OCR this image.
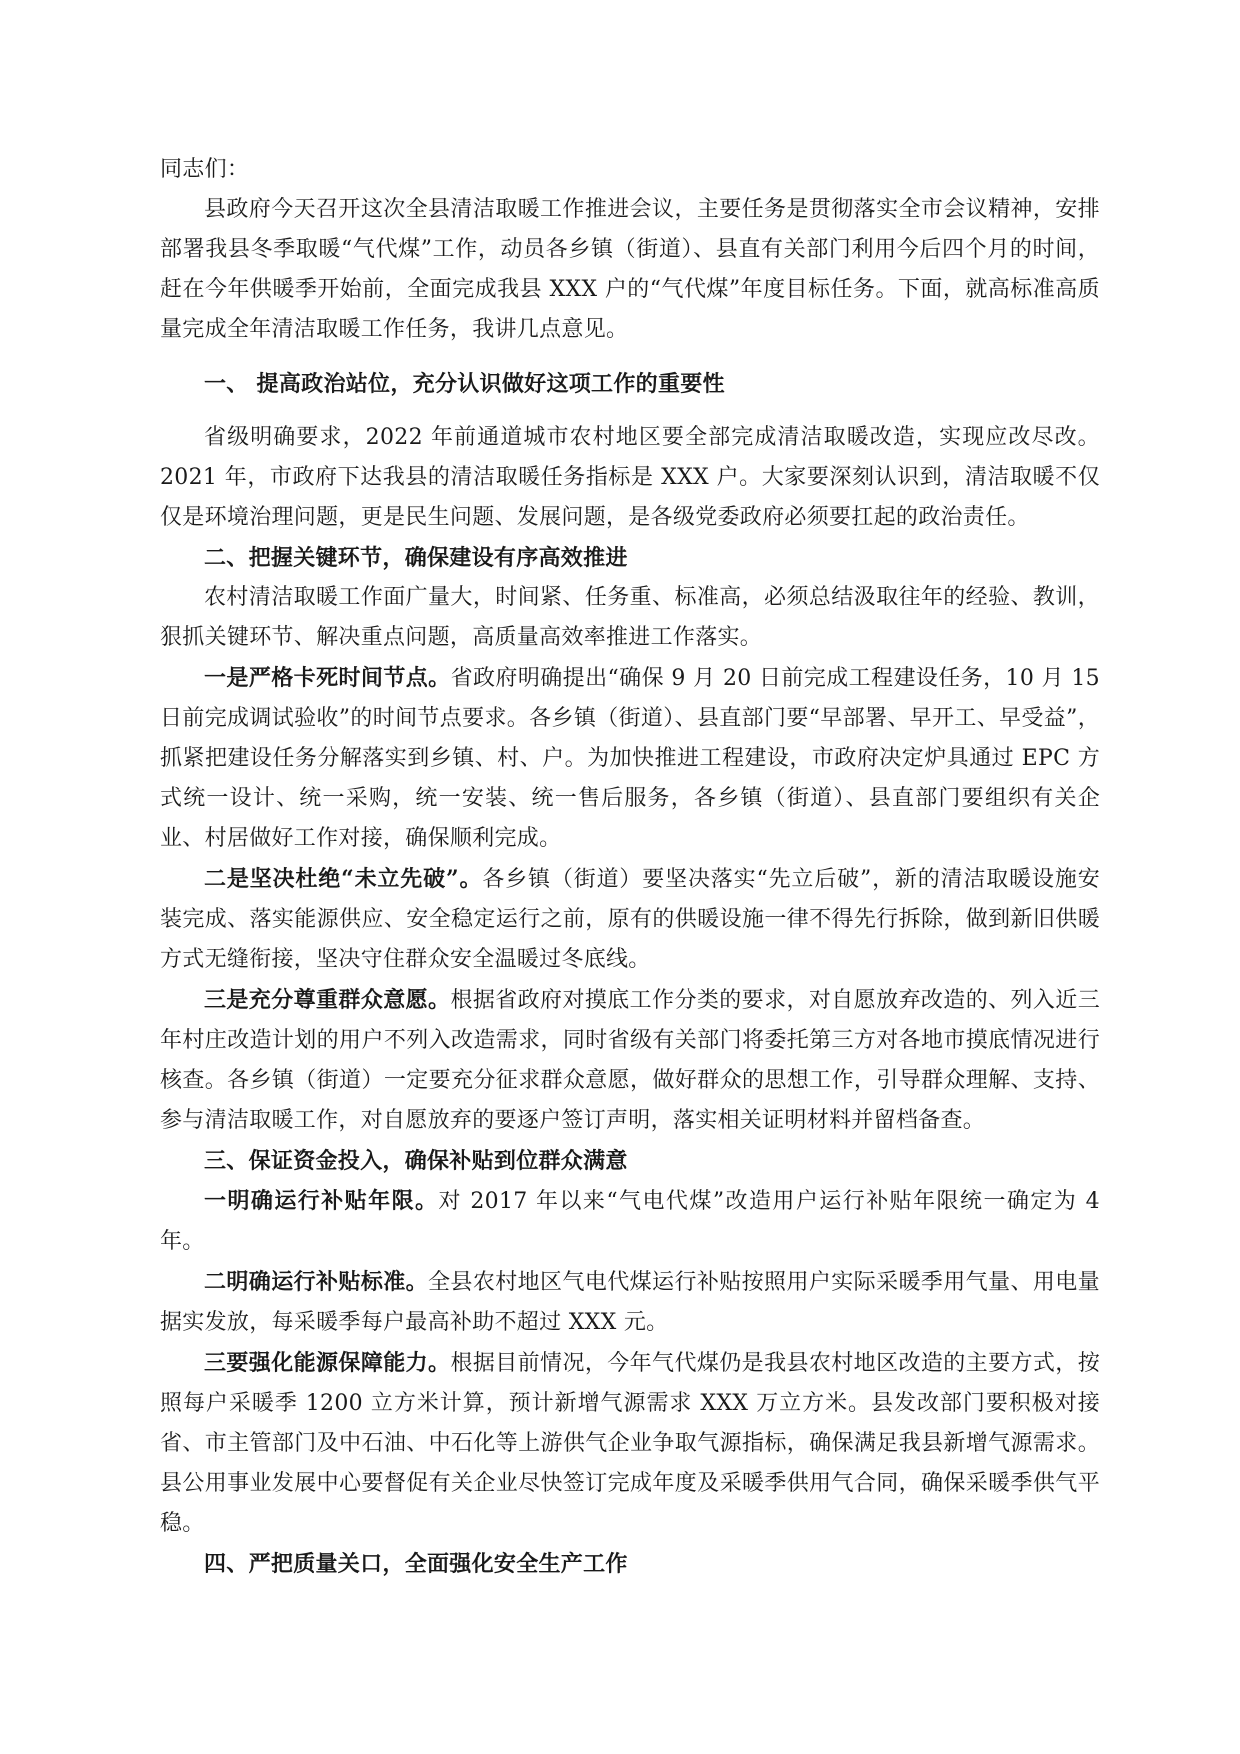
同志们：

县政府今天召开这次全县清洁取暖工作推进会议，主要任务是贯彻落实全市会议精神，安排部署我县冬季取暖“气代煤”工作，动员各乡镇（街道）、县直有关部门利用今后四个月的时间，赶在今年供暖季开始前，全面完成我县 XXX 户的“气代煤”年度目标任务。下面，就高标准高质量完成全年清洁取暖工作任务，我讲几点意见。

一、 提高政治站位，充分认识做好这项工作的重要性

省级明确要求，2022 年前通道城市农村地区要全部完成清洁取暖改造，实现应改尽改。2021 年，市政府下达我县的清洁取暖任务指标是 XXX 户。大家要深刻认识到，清洁取暖不仅仅是环境治理问题，更是民生问题、发展问题，是各级党委政府必须要扛起的政治责任。

二、把握关键环节，确保建设有序高效推进

农村清洁取暖工作面广量大，时间紧、任务重、标准高，必须总结汲取往年的经验、教训，狠抓关键环节、解决重点问题，高质量高效率推进工作落实。

一是严格卡死时间节点。省政府明确提出“确保 9 月 20 日前完成工程建设任务，10 月 15 日前完成调试验收”的时间节点要求。各乡镇（街道）、县直部门要“早部署、早开工、早受益”，抓紧把建设任务分解落实到乡镇、村、户。为加快推进工程建设，市政府决定炉具通过 EPC 方式统一设计、统一采购，统一安装、统一售后服务，各乡镇（街道）、县直部门要组织有关企业、村居做好工作对接，确保顺利完成。

二是坚决杜绝“未立先破”。各乡镇（街道）要坚决落实“先立后破”，新的清洁取暖设施安装完成、落实能源供应、安全稳定运行之前，原有的供暖设施一律不得先行拆除，做到新旧供暖方式无缝衔接，坚决守住群众安全温暖过冬底线。

三是充分尊重群众意愿。根据省政府对摸底工作分类的要求，对自愿放弃改造的、列入近三年村庄改造计划的用户不列入改造需求，同时省级有关部门将委托第三方对各地市摸底情况进行核查。各乡镇（街道）一定要充分征求群众意愿，做好群众的思想工作，引导群众理解、支持、参与清洁取暖工作，对自愿放弃的要逐户签订声明，落实相关证明材料并留档备查。

三、保证资金投入，确保补贴到位群众满意

一明确运行补贴年限。对 2017 年以来“气电代煤”改造用户运行补贴年限统一确定为 4 年。

二明确运行补贴标准。全县农村地区气电代煤运行补贴按照用户实际采暖季用气量、用电量据实发放，每采暖季每户最高补助不超过 XXX 元。

三要强化能源保障能力。根据目前情况，今年气代煤仍是我县农村地区改造的主要方式，按照每户采暖季 1200 立方米计算，预计新增气源需求 XXX 万立方米。县发改部门要积极对接省、市主管部门及中石油、中石化等上游供气企业争取气源指标，确保满足我县新增气源需求。县公用事业发展中心要督促有关企业尽快签订完成年度及采暖季供用气合同，确保采暖季供气平稳。

四、严把质量关口，全面强化安全生产工作
